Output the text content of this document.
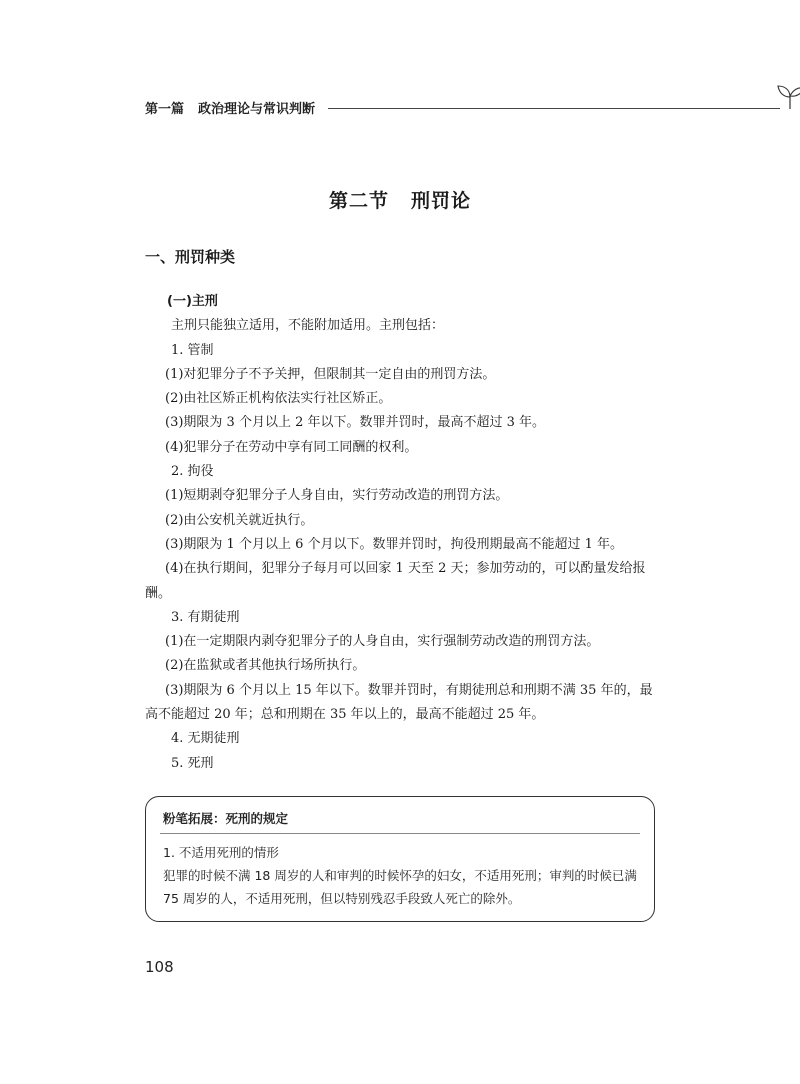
第一篇 政治理论与常识判断
第二节 刑罚论
一、刑罚种类

(一)主刑

主刑只能独立适用，不能附加适用。主刑包括：

1. 管制

(1)对犯罪分子不予关押，但限制其一定自由的刑罚方法。

(2)由社区矫正机构依法实行社区矫正。

(3)期限为 3 个月以上 2 年以下。数罪并罚时，最高不超过 3 年。

(4)犯罪分子在劳动中享有同工同酬的权利。

2. 拘役

(1)短期剥夺犯罪分子人身自由，实行劳动改造的刑罚方法。

(2)由公安机关就近执行。

(3)期限为 1 个月以上 6 个月以下。数罪并罚时，拘役刑期最高不能超过 1 年。

(4)在执行期间，犯罪分子每月可以回家 1 天至 2 天；参加劳动的，可以酌量发给报酬。

3. 有期徒刑

(1)在一定期限内剥夺犯罪分子的人身自由，实行强制劳动改造的刑罚方法。

(2)在监狱或者其他执行场所执行。

(3)期限为 6 个月以上 15 年以下。数罪并罚时，有期徒刑总和刑期不满 35 年的，最高不能超过 20 年；总和刑期在 35 年以上的，最高不能超过 25 年。

4. 无期徒刑

5. 死刑

粉笔拓展：死刑的规定

1. 不适用死刑的情形

犯罪的时候不满 18 周岁的人和审判的时候怀孕的妇女，不适用死刑；审判的时候已满 75 周岁的人，不适用死刑，但以特别残忍手段致人死亡的除外。

108
